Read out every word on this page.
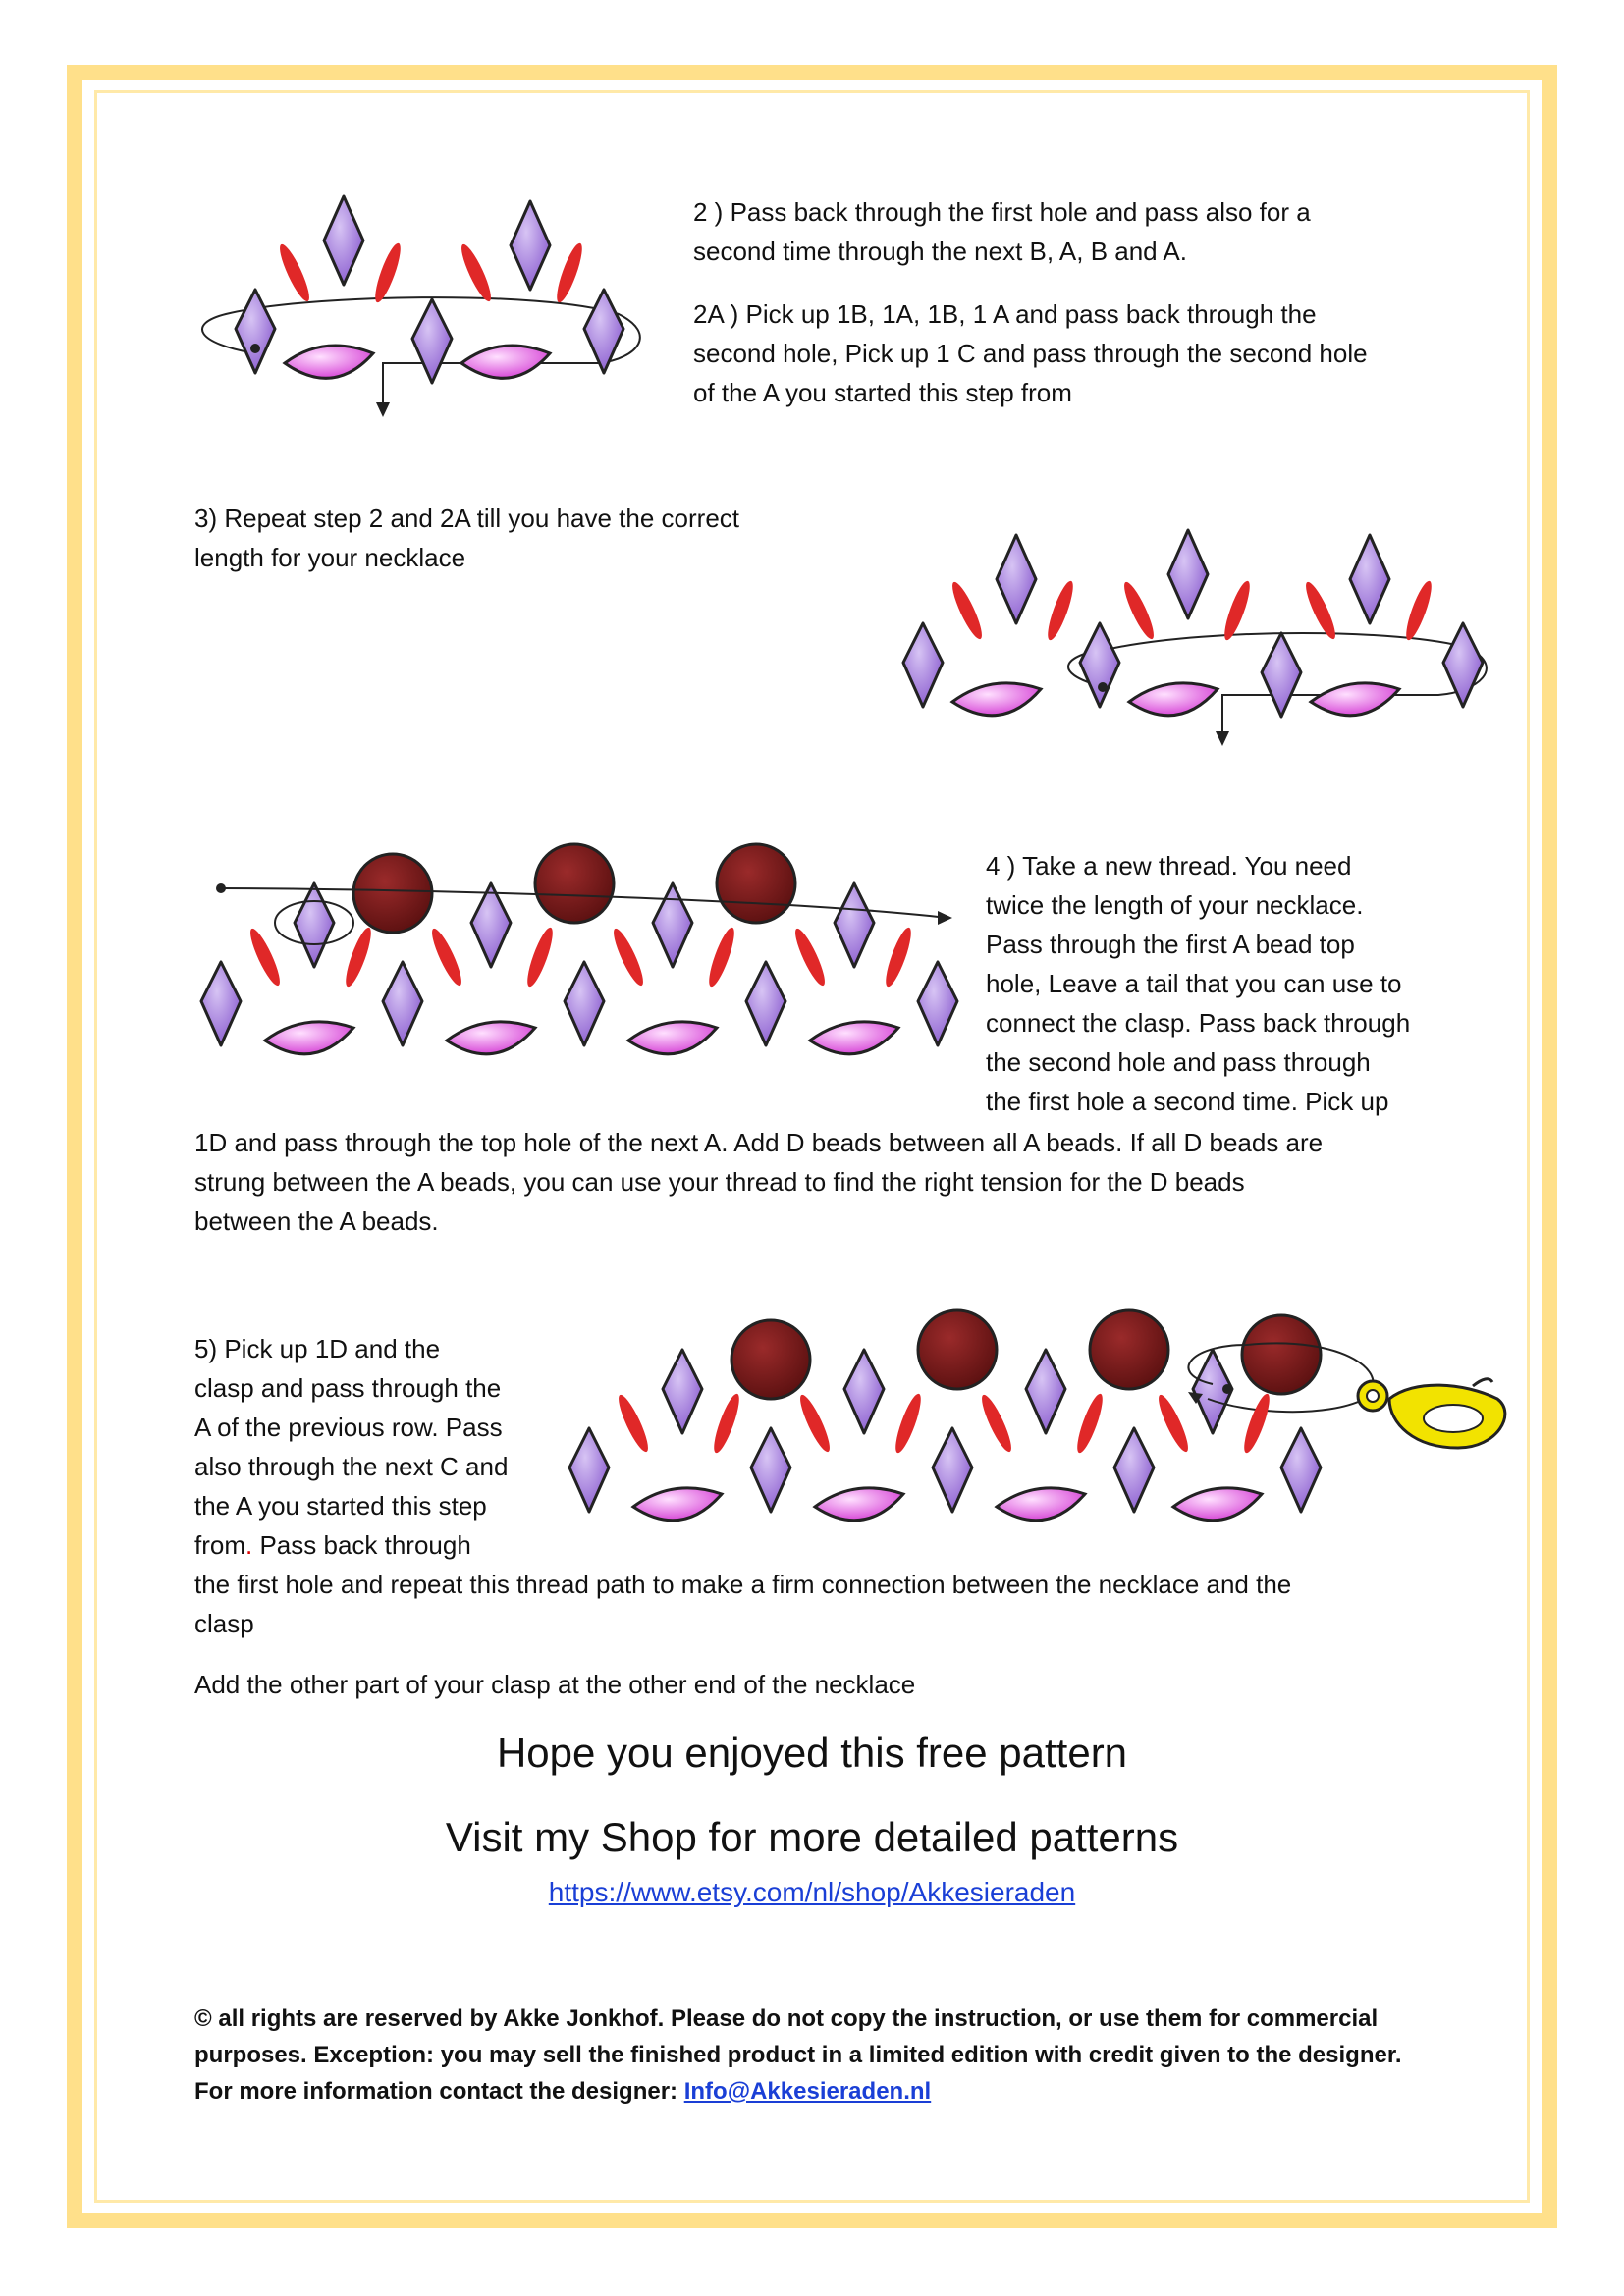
2 ) Pass back through the first hole and pass also for a

second time through the next B, A, B and A.

2A ) Pick up 1B, 1A, 1B, 1 A and pass back through the

second hole, Pick up 1 C and pass through the second hole

of the A you started this step from

3) Repeat step 2 and 2A till you have the correct

length for your necklace

4 ) Take a new thread. You need

twice the length of your necklace.

Pass through the first A bead top

hole, Leave a tail that you can use to

connect the clasp. Pass back through

the second hole and pass through

the first hole a second time. Pick up

1D and pass through the top hole of the next A. Add D beads between all A beads. If all D beads are

strung between the A beads, you can use your thread to find the right tension for the D beads

between the A beads.

5) Pick up 1D and the

clasp and pass through the

A of the previous row. Pass

also through the next C and

the A you started this step

from. Pass back through

the first hole and repeat this thread path to make a firm connection between the necklace and the

clasp

Add the other part of your clasp at the other end of the necklace

Hope you enjoyed this free pattern
Visit my Shop for more detailed patterns
https://www.etsy.com/nl/shop/Akkesieraden
© all rights are reserved by Akke Jonkhof. Please do not copy the instruction, or use them for commercial
purposes. Exception: you may sell the finished product in a limited edition with credit given to the designer.
For more information contact the designer: Info@Akkesieraden.nl
